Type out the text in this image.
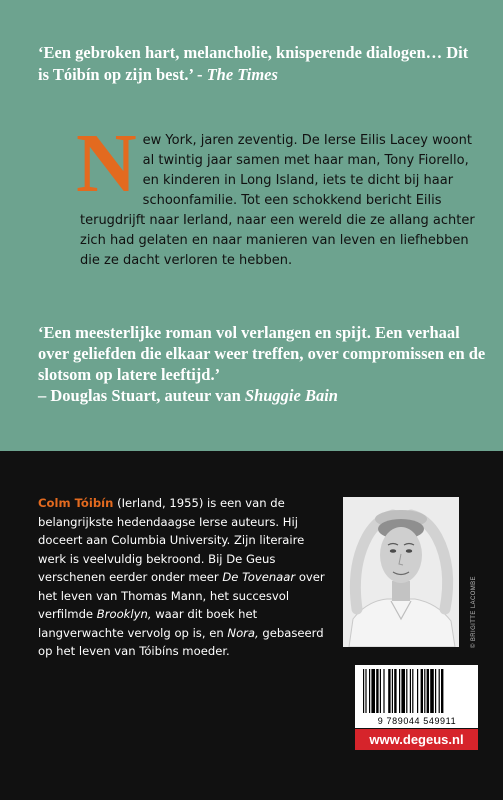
‘Een gebroken hart, melancholie, knisperende dialogen… Dit is Tóibín op zijn best.’ - The Times

New York, jaren zeventig. De Ierse Eilis Lacey woont al twintig jaar samen met haar man, Tony Fiorello, en kinderen in Long Island, iets te dicht bij haar schoonfamilie. Tot een schokkend bericht Eilis terugdrijft naar Ierland, naar een wereld die ze allang achter zich had gelaten en naar manieren van leven en liefhebben die ze dacht verloren te hebben.

‘Een meesterlijke roman vol verlangen en spijt. Een verhaal over geliefden die elkaar weer treffen, over compromissen en de slotsom op latere leeftijd.’
– Douglas Stuart, auteur van Shuggie Bain

Colm Tóibín (Ierland, 1955) is een van de belangrijkste hedendaagse Ierse auteurs. Hij doceert aan Columbia University. Zijn literaire werk is veelvuldig bekroond. Bij De Geus verschenen eerder onder meer De Tovenaar over het leven van Thomas Mann, het succesvol verfilmde Brooklyn, waar dit boek het langverwachte vervolg op is, en Nora, gebaseerd op het leven van Tóibíns moeder.

© BRIGITTE LACOMBE
9 789044 549911
www.degeus.nl
